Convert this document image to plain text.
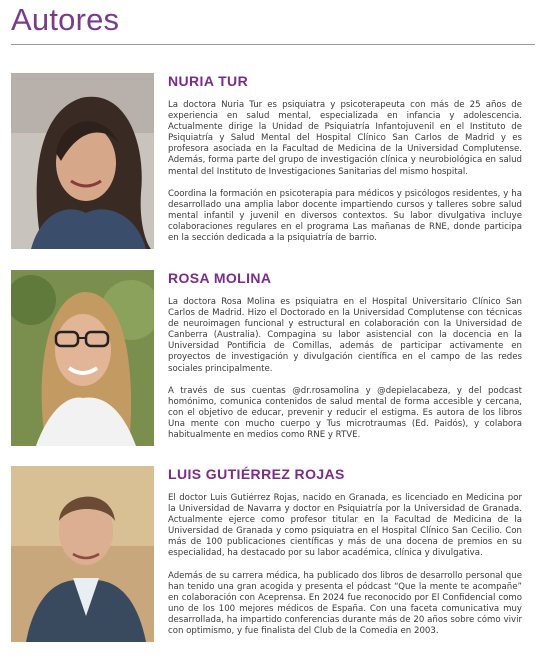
Autores
NURIA TUR

La doctora Nuria Tur es psiquiatra y psicoterapeuta con más de 25 años de experiencia en salud mental, especializada en infancia y adolescencia. Actualmente dirige la Unidad de Psiquiatría Infantojuvenil en el Instituto de Psiquiatría y Salud Mental del Hospital Clínico San Carlos de Madrid y es profesora asociada en la Facultad de Medicina de la Universidad Complutense. Además, forma parte del grupo de investigación clínica y neurobiológica en salud mental del Instituto de Investigaciones Sanitarias del mismo hospital.

Coordina la formación en psicoterapia para médicos y psicólogos residentes, y ha desarrollado una amplia labor docente impartiendo cursos y talleres sobre salud mental infantil y juvenil en diversos contextos. Su labor divulgativa incluye colaboraciones regulares en el programa Las mañanas de RNE, donde participa en la sección dedicada a la psiquiatría de barrio.

ROSA MOLINA

La doctora Rosa Molina es psiquiatra en el Hospital Universitario Clínico San Carlos de Madrid. Hizo el Doctorado en la Universidad Complutense con técnicas de neuroimagen funcional y estructural en colaboración con la Universidad de Canberra (Australia). Compagina su labor asistencial con la docencia en la Universidad Pontificia de Comillas, además de participar activamente en proyectos de investigación y divulgación científica en el campo de las redes sociales principalmente.

A través de sus cuentas @dr.rosamolina y @depielacabeza, y del podcast homónimo, comunica contenidos de salud mental de forma accesible y cercana, con el objetivo de educar, prevenir y reducir el estigma. Es autora de los libros Una mente con mucho cuerpo y Tus microtraumas (Ed. Paidós), y colabora habitualmente en medios como RNE y RTVE.

LUIS GUTIÉRREZ ROJAS

El doctor Luis Gutiérrez Rojas, nacido en Granada, es licenciado en Medicina por la Universidad de Navarra y doctor en Psiquiatría por la Universidad de Granada. Actualmente ejerce como profesor titular en la Facultad de Medicina de la Universidad de Granada y como psiquiatra en el Hospital Clínico San Cecilio. Con más de 100 publicaciones científicas y más de una docena de premios en su especialidad, ha destacado por su labor académica, clínica y divulgativa.

Además de su carrera médica, ha publicado dos libros de desarrollo personal que han tenido una gran acogida y presenta el pódcast “Que la mente te acompañe” en colaboración con Aceprensa. En 2024 fue reconocido por El Confidencial como uno de los 100 mejores médicos de España. Con una faceta comunicativa muy desarrollada, ha impartido conferencias durante más de 20 años sobre cómo vivir con optimismo, y fue finalista del Club de la Comedia en 2003.
